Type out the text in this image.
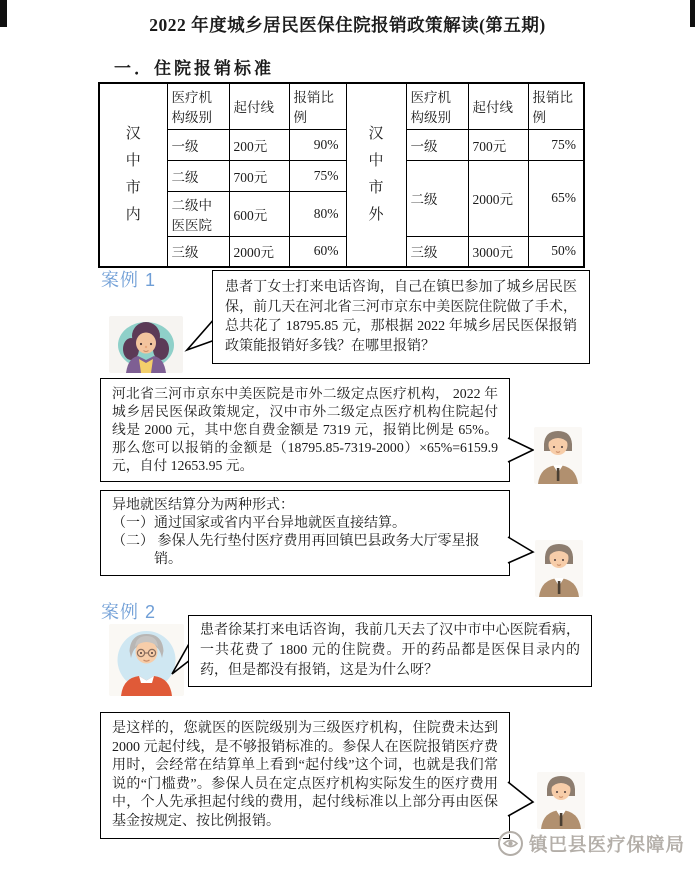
2022 年度城乡居民医保住院报销政策解读(第五期)
一．住院报销标准
汉中市内	医疗机构级别	起付线	报销比例	汉中市外	医疗机构级别	起付线	报销比例
	一级	200元	90%		一级	700元	75%
	二级	700元	75%		二级	2000元	65%
	二级中医医院	600元	80%				
	三级	2000元	60%		三级	3000元	50%
案例 1	患者丁女士打来电话咨询，自己在镇巴参加了城乡居民医保，前几天在河北省三河市京东中美医院住院做了手术，总共花了 18795.85 元，那根据 2022 年城乡居民医保报销政策能报销好多钱？在哪里报销？
河北省三河市京东中美医院是市外二级定点医疗机构， 2022 年城乡居民医保政策规定，汉中市外二级定点医疗机构住院起付线是 2000 元，其中您自费金额是 7319 元，报销比例是 65%。那么您可以报销的金额是（18795.85-7319-2000）×65%=6159.9 元，自付 12653.95 元。
异地就医结算分为两种形式：
（一）通过国家或省内平台异地就医直接结算。
（二） 参保人先行垫付医疗费用再回镇巴县政务大厅零星报销。
案例 2
患者徐某打来电话咨询，我前几天去了汉中市中心医院看病，一共花费了 1800 元的住院费。开的药品都是医保目录内的药，但是都没有报销，这是为什么呀？
是这样的，您就医的医院级别为三级医疗机构，住院费未达到 2000 元起付线，是不够报销标准的。参保人在医院报销医疗费用时，会经常在结算单上看到“起付线”这个词，也就是我们常说的“门槛费”。参保人员在定点医疗机构实际发生的医疗费用中，个人先承担起付线的费用，起付线标准以上部分再由医保基金按规定、按比例报销。
镇巴县医疗保障局
